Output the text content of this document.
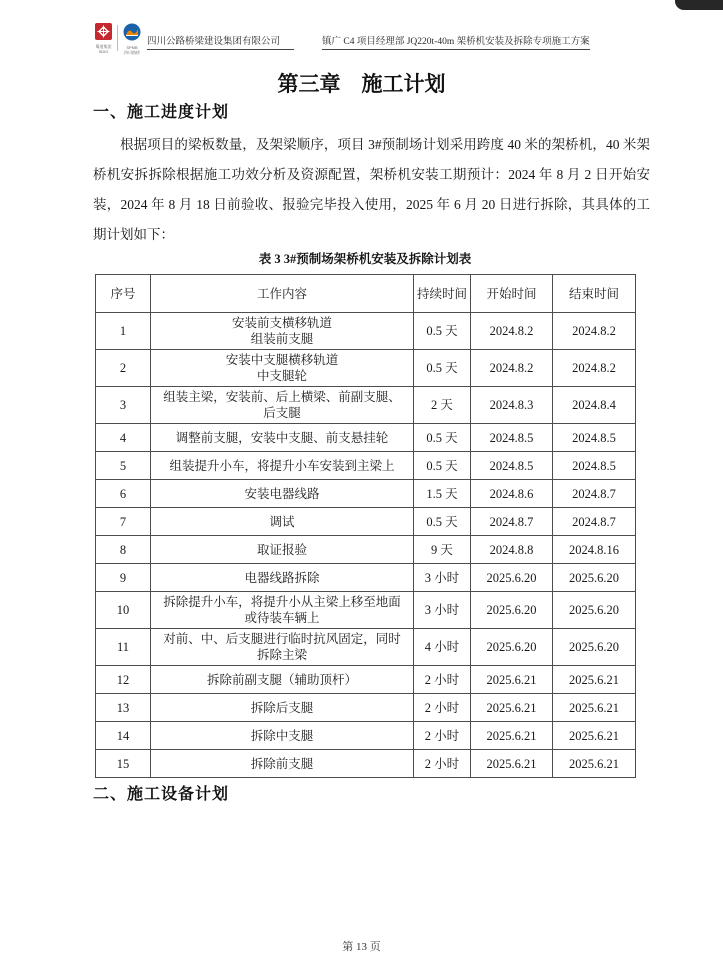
蜀道集团
SDIG
SPMB
四川路桥
四川公路桥梁建设集团有限公司	镇广 C4 项目经理部 JQ220t-40m 架桥机安装及拆除专项施工方案
第三章　施工计划
一、施工进度计划
根据项目的梁板数量，及架梁顺序，项目 3#预制场计划采用跨度 40 米的架桥机，40 米架桥机安拆拆除根据施工功效分析及资源配置，架桥机安装工期预计：2024 年 8 月 2 日开始安装，2024 年 8 月 18 日前验收、报验完毕投入使用，2025 年 6 月 20 日进行拆除，其具体的工期计划如下：
表 3 3#预制场架桥机安装及拆除计划表
序号	工作内容	持续时间	开始时间	结束时间
1	安装前支横移轨道
组装前支腿	0.5 天	2024.8.2	2024.8.2
2	安装中支腿横移轨道
中支腿轮	0.5 天	2024.8.2	2024.8.2
3	组装主梁，安装前、后上横梁、前副支腿、
后支腿	2 天	2024.8.3	2024.8.4
4	调整前支腿，安装中支腿、前支悬挂轮	0.5 天	2024.8.5	2024.8.5
5	组装提升小车，将提升小车安装到主梁上	0.5 天	2024.8.5	2024.8.5
6	安装电器线路	1.5 天	2024.8.6	2024.8.7
7	调试	0.5 天	2024.8.7	2024.8.7
8	取证报验	9 天	2024.8.8	2024.8.16
9	电器线路拆除	3 小时	2025.6.20	2025.6.20
10	拆除提升小车，将提升小从主梁上移至地面
或待装车辆上	3 小时	2025.6.20	2025.6.20
11	对前、中、后支腿进行临时抗风固定，同时
拆除主梁	4 小时	2025.6.20	2025.6.20
12	拆除前副支腿（辅助顶杆）	2 小时	2025.6.21	2025.6.21
13	拆除后支腿	2 小时	2025.6.21	2025.6.21
14	拆除中支腿	2 小时	2025.6.21	2025.6.21
15	拆除前支腿	2 小时	2025.6.21	2025.6.21
二、施工设备计划
第 13 页
